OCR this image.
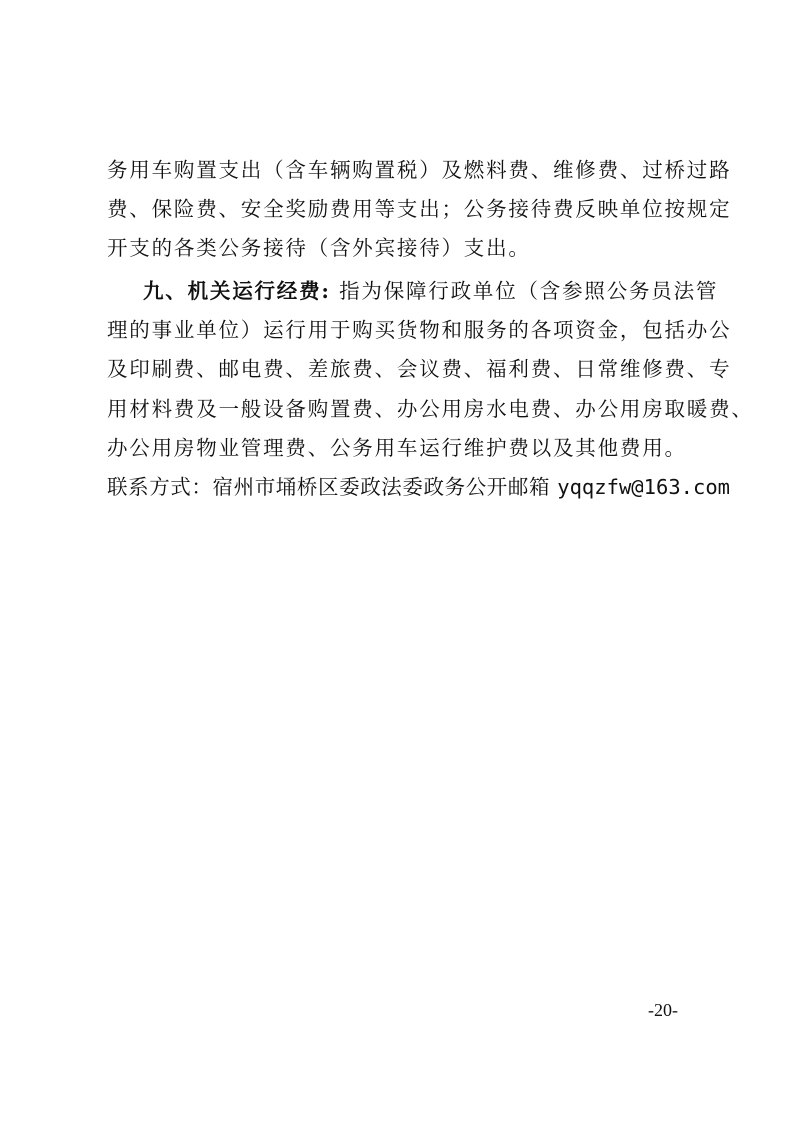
务用车购置支出（含车辆购置税）及燃料费、维修费、过桥过路
费、保险费、安全奖励费用等支出；公务接待费反映单位按规定
开支的各类公务接待（含外宾接待）支出。
九、机关运行经费: 指为保障行政单位（含参照公务员法管
理的事业单位）运行用于购买货物和服务的各项资金，包括办公
及印刷费、邮电费、差旅费、会议费、福利费、日常维修费、专
用材料费及一般设备购置费、办公用房水电费、办公用房取暖费、
办公用房物业管理费、公务用车运行维护费以及其他费用。
联系方式：宿州市埇桥区委政法委政务公开邮箱 yqqzfw@163.com
-20-
